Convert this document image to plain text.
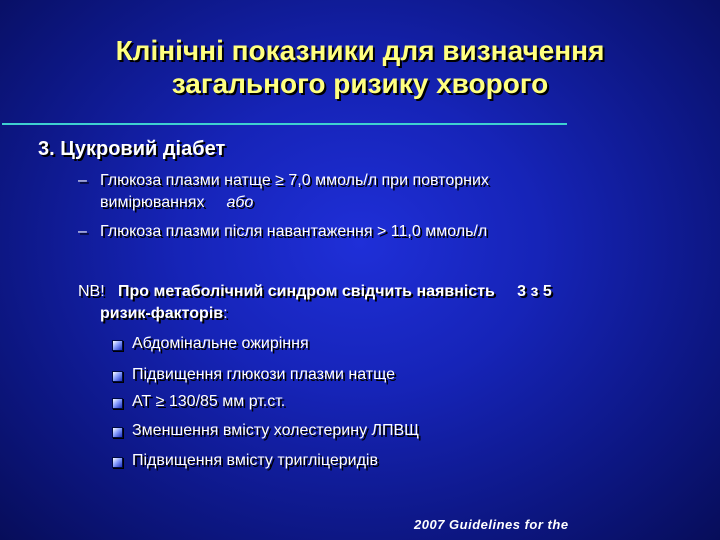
Клінічні показники для визначення
загального ризику хворого
3. Цукровий діабет
– Глюкоза плазми натще ≥ 7,0 ммоль/л при повторних
вимірюваннях або
– Глюкоза плазми після навантаження > 11,0 ммоль/л
NB! Про метаболічний синдром свідчить наявність 3 з 5
ризик-факторів:
Абдомінальне ожиріння
Підвищення глюкози плазми натще
АТ ≥ 130/85 мм рт.ст.
Зменшення вмісту холестерину ЛПВЩ
Підвищення вмісту тригліцеридів
2007 Guidelines for the
